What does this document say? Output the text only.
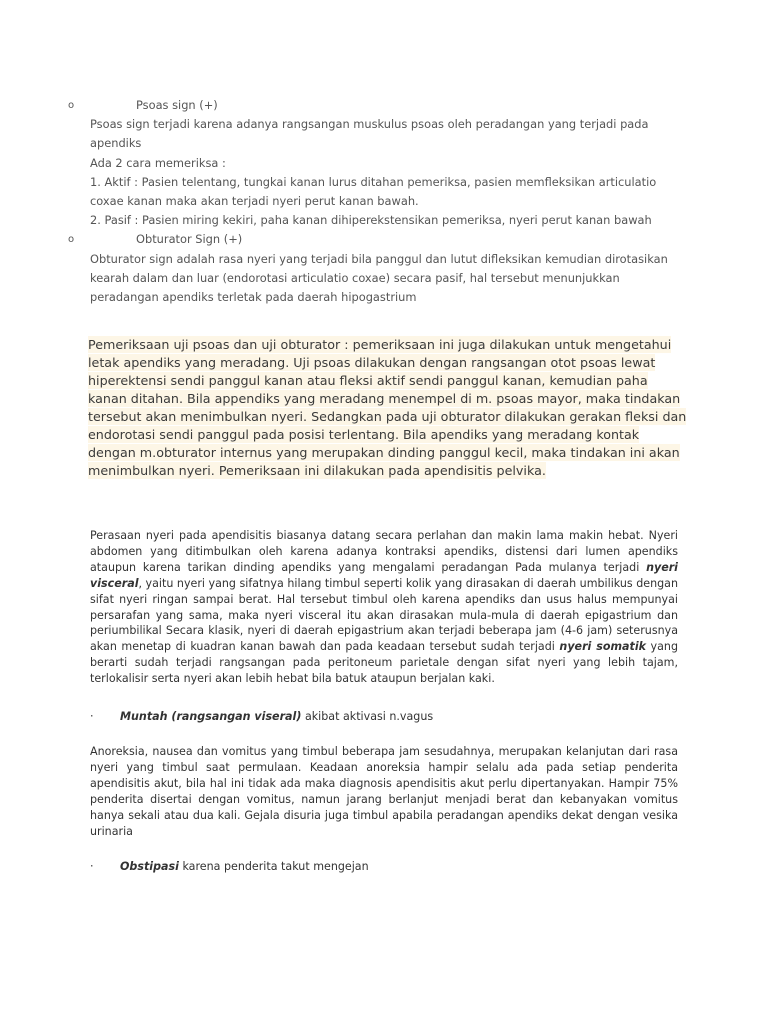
o	Psoas sign (+)

Psoas sign terjadi karena adanya rangsangan muskulus psoas oleh peradangan yang terjadi pada apendiks

Ada 2 cara memeriksa :

1. Aktif : Pasien telentang, tungkai kanan lurus ditahan pemeriksa, pasien memfleksikan articulatio coxae kanan maka akan terjadi nyeri perut kanan bawah.

2. Pasif : Pasien miring kekiri, paha kanan dihiperekstensikan pemeriksa, nyeri perut kanan bawah

o	Obturator Sign (+)

Obturator sign adalah rasa nyeri yang terjadi bila panggul dan lutut difleksikan kemudian dirotasikan kearah dalam dan luar (endorotasi articulatio coxae) secara pasif, hal tersebut menunjukkan peradangan apendiks terletak pada daerah hipogastrium

Pemeriksaan uji psoas dan uji obturator : pemeriksaan ini juga dilakukan untuk mengetahui letak apendiks yang meradang. Uji psoas dilakukan dengan rangsangan otot psoas lewat hiperektensi sendi panggul kanan atau fleksi aktif sendi panggul kanan, kemudian paha kanan ditahan. Bila appendiks yang meradang menempel di m. psoas mayor, maka tindakan tersebut akan menimbulkan nyeri. Sedangkan pada uji obturator dilakukan gerakan fleksi dan endorotasi sendi panggul pada posisi terlentang. Bila apendiks yang meradang kontak dengan m.obturator internus yang merupakan dinding panggul kecil, maka tindakan ini akan menimbulkan nyeri. Pemeriksaan ini dilakukan pada apendisitis pelvika.

Perasaan nyeri pada apendisitis biasanya datang secara perlahan dan makin lama makin hebat. Nyeri abdomen yang ditimbulkan oleh karena adanya kontraksi apendiks, distensi dari lumen apendiks ataupun karena tarikan dinding apendiks yang mengalami peradangan Pada mulanya terjadi nyeri visceral, yaitu nyeri yang sifatnya hilang timbul seperti kolik yang dirasakan di daerah umbilikus dengan sifat nyeri ringan sampai berat. Hal tersebut timbul oleh karena apendiks dan usus halus mempunyai persarafan yang sama, maka nyeri visceral itu akan dirasakan mula-mula di daerah epigastrium dan periumbilikal Secara klasik, nyeri di daerah epigastrium akan terjadi beberapa jam (4-6 jam) seterusnya akan menetap di kuadran kanan bawah dan pada keadaan tersebut sudah terjadi nyeri somatik yang berarti sudah terjadi rangsangan pada peritoneum parietale dengan sifat nyeri yang lebih tajam, terlokalisir serta nyeri akan lebih hebat bila batuk ataupun berjalan kaki.

· Muntah (rangsangan viseral) akibat aktivasi n.vagus

Anoreksia, nausea dan vomitus yang timbul beberapa jam sesudahnya, merupakan kelanjutan dari rasa nyeri yang timbul saat permulaan. Keadaan anoreksia hampir selalu ada pada setiap penderita apendisitis akut, bila hal ini tidak ada maka diagnosis apendisitis akut perlu dipertanyakan. Hampir 75% penderita disertai dengan vomitus, namun jarang berlanjut menjadi berat dan kebanyakan vomitus hanya sekali atau dua kali. Gejala disuria juga timbul apabila peradangan apendiks dekat dengan vesika urinaria

· Obstipasi karena penderita takut mengejan
